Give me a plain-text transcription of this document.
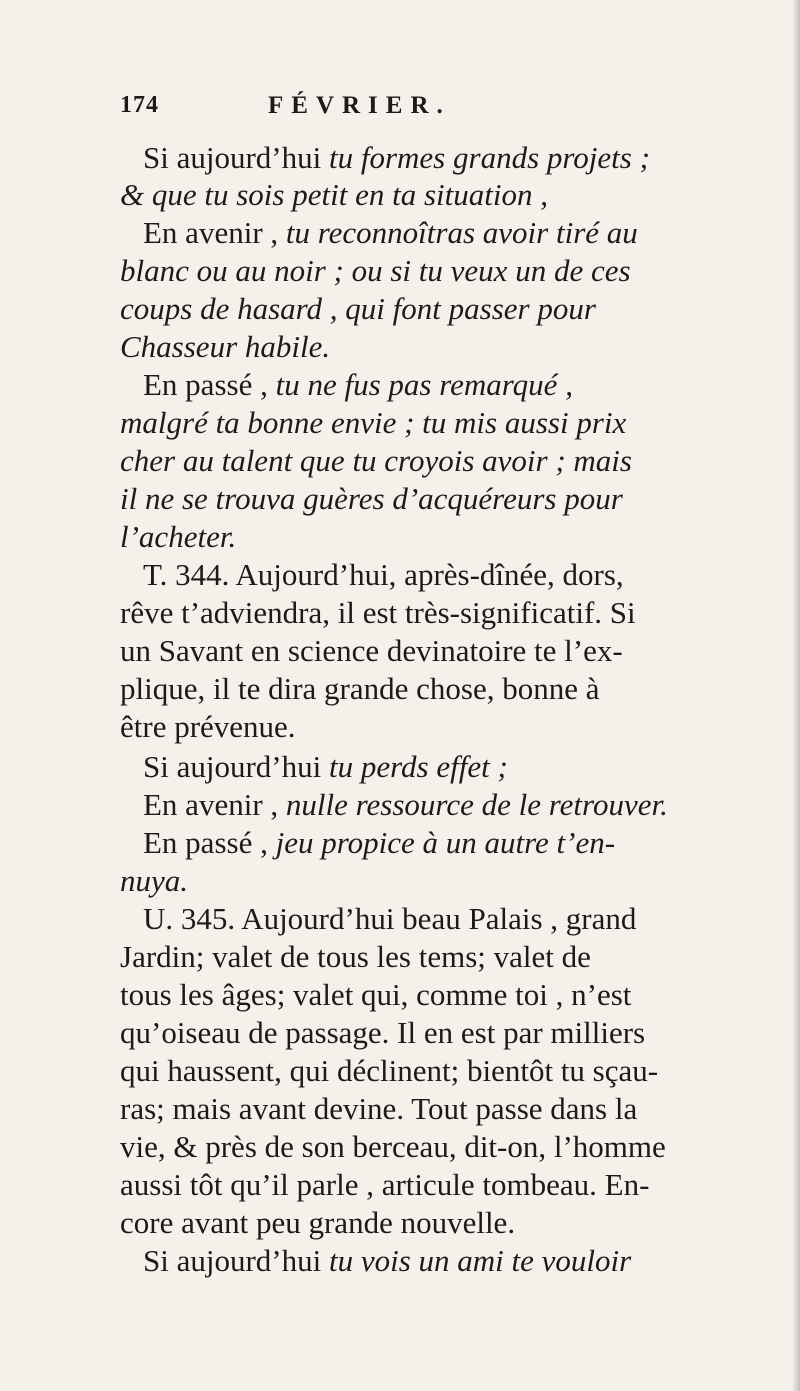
174	FÉVRIER.
Si aujourd’hui tu formes grands projets ;
& que tu sois petit en ta situation ,
En avenir , tu reconnoîtras avoir tiré au
blanc ou au noir ; ou si tu veux un de ces
coups de hasard , qui font passer pour
Chasseur habile.
En passé , tu ne fus pas remarqué ,
malgré ta bonne envie ; tu mis aussi prix
cher au talent que tu croyois avoir ; mais
il ne se trouva guères d’acquéreurs pour
l’acheter.
T. 344. Aujourd’hui, après-dînée, dors,
rêve t’adviendra, il est très-significatif. Si
un Savant en science devinatoire te l’ex-
plique, il te dira grande chose, bonne à
être prévenue.
Si aujourd’hui tu perds effet ;
En avenir , nulle ressource de le retrouver.
En passé , jeu propice à un autre t’en-
nuya.
U. 345. Aujourd’hui beau Palais , grand
Jardin; valet de tous les tems; valet de
tous les âges; valet qui, comme toi , n’est
qu’oiseau de passage. Il en est par milliers
qui haussent, qui déclinent; bientôt tu sçau-
ras; mais avant devine. Tout passe dans la
vie, & près de son berceau, dit-on, l’homme
aussi tôt qu’il parle , articule tombeau. En-
core avant peu grande nouvelle.
Si aujourd’hui tu vois un ami te vouloir
